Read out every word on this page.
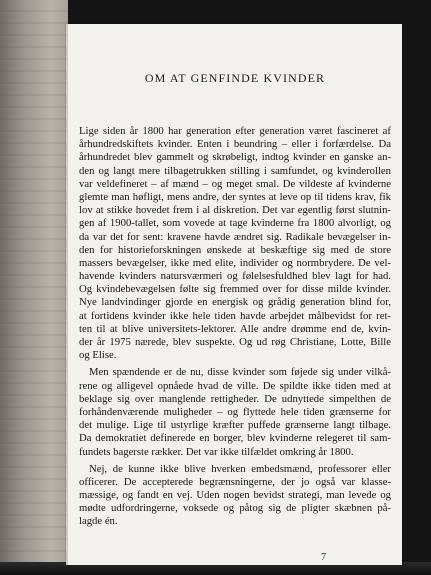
OM AT GENFINDE KVINDER
Lige siden år 1800 har generation efter generation været fascineret af
århundredskiftets kvinder. Enten i beundring – eller i forfærdelse. Da
århundredet blev gammelt og skrøbeligt, indtog kvinder en ganske an-
den og langt mere tilbagetrukken stilling i samfundet, og kvinderollen
var veldefineret – af mænd – og meget smal. De vildeste af kvinderne
glemte man høfligt, mens andre, der syntes at leve op til tidens krav, fik
lov at stikke hovedet frem i al diskretion. Det var egentlig først slutnin-
gen af 1900-tallet, som vovede at tage kvinderne fra 1800 alvorligt, og
da var det for sent: kravene havde ændret sig. Radikale bevægelser in-
den for historieforskningen ønskede at beskæftige sig med de store
massers bevægelser, ikke med elite, individer og normbrydere. De vel-
havende kvinders natursværmeri og følelsesfuldhed blev lagt for had.
Og kvindebevægelsen følte sig fremmed over for disse milde kvinder.
Nye landvindinger gjorde en energisk og grådig generation blind for,
at fortidens kvinder ikke hele tiden havde arbejdet målbevidst for ret-
ten til at blive universitets-lektorer. Alle andre drømme end de, kvin-
der år 1975 nærede, blev suspekte. Og ud røg Christiane, Lotte, Bille
og Elise.
Men spændende er de nu, disse kvinder som føjede sig under vilkå-
rene og alligevel opnåede hvad de ville. De spildte ikke tiden med at
beklage sig over manglende rettigheder. De udnyttede simpelthen de
forhåndenværende muligheder – og flyttede hele tiden grænserne for
det mulige. Lige til ustyrlige kræfter puffede grænserne langt tilbage.
Da demokratiet definerede en borger, blev kvinderne relegeret til sam-
fundets bagerste rækker. Det var ikke tilfældet omkring år 1800.
Nej, de kunne ikke blive hverken embedsmænd, professorer eller
officerer. De accepterede begrænsningerne, der jo også var klasse-
mæssige, og fandt en vej. Uden nogen bevidst strategi, man levede og
mødte udfordringerne, voksede og påtog sig de pligter skæbnen på-
lagde én.
7
